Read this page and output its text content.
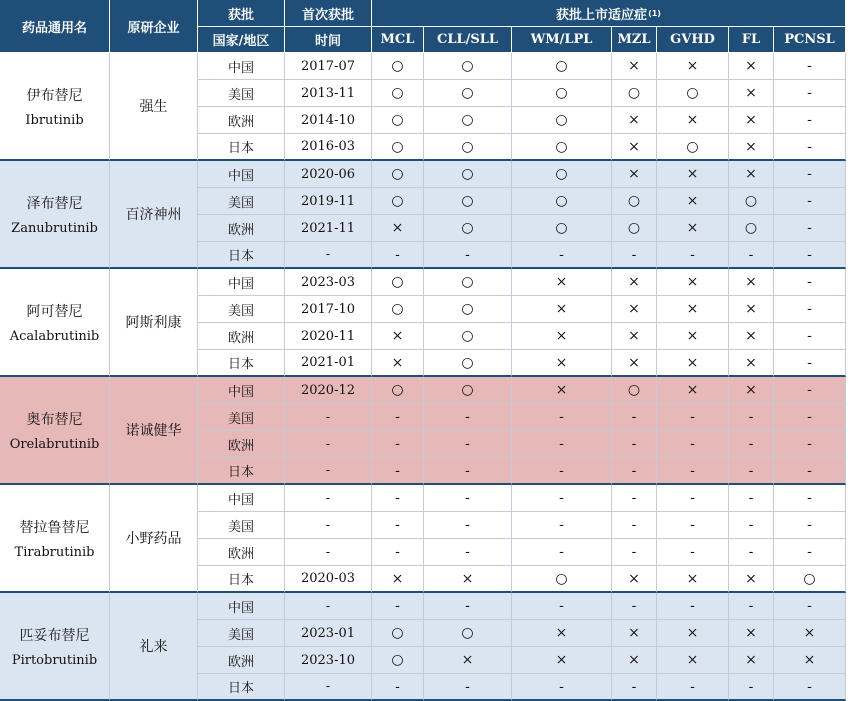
药品通用名	原研企业
获批
国家/地区
首次获批
时间
获批上市适应症 (1)
MCL	CLL/SLL	WM/LPL	MZL	GVHD	FL	PCNSL
伊布替尼
Ibrutinib
强生
中国	2017-07	○	○	○	×	×	×	-
美国	2013-11	○	○	○	○	○	×	-
欧洲	2014-10	○	○	○	×	×	×	-
日本	2016-03	○	○	○	×	○	×	-
泽布替尼
Zanubrutinib
百济神州
中国	2020-06	○	○	○	×	×	×	-
美国	2019-11	○	○	○	○	×	○	-
欧洲	2021-11	×	○	○	○	×	○	-
日本	-	-	-	-	-	-	-	-
阿可替尼
Acalabrutinib
阿斯利康
中国	2023-03	○	○	×	×	×	×	-
美国	2017-10	○	○	×	×	×	×	-
欧洲	2020-11	×	○	×	×	×	×	-
日本	2021-01	×	○	×	×	×	×	-
奥布替尼
Orelabrutinib
诺诚健华
中国	2020-12	○	○	×	○	×	×	-
美国	-	-	-	-	-	-	-	-
欧洲	-	-	-	-	-	-	-	-
日本	-	-	-	-	-	-	-	-
替拉鲁替尼
Tirabrutinib
小野药品
中国	-	-	-	-	-	-	-	-
美国	-	-	-	-	-	-	-	-
欧洲	-	-	-	-	-	-	-	-
日本	2020-03	×	×	○	×	×	×	○
匹妥布替尼
Pirtobrutinib
礼来
中国	-	-	-	-	-	-	-	-
美国	2023-01	○	○	×	×	×	×	×
欧洲	2023-10	○	×	×	×	×	×	×
日本	-	-	-	-	-	-	-	-
